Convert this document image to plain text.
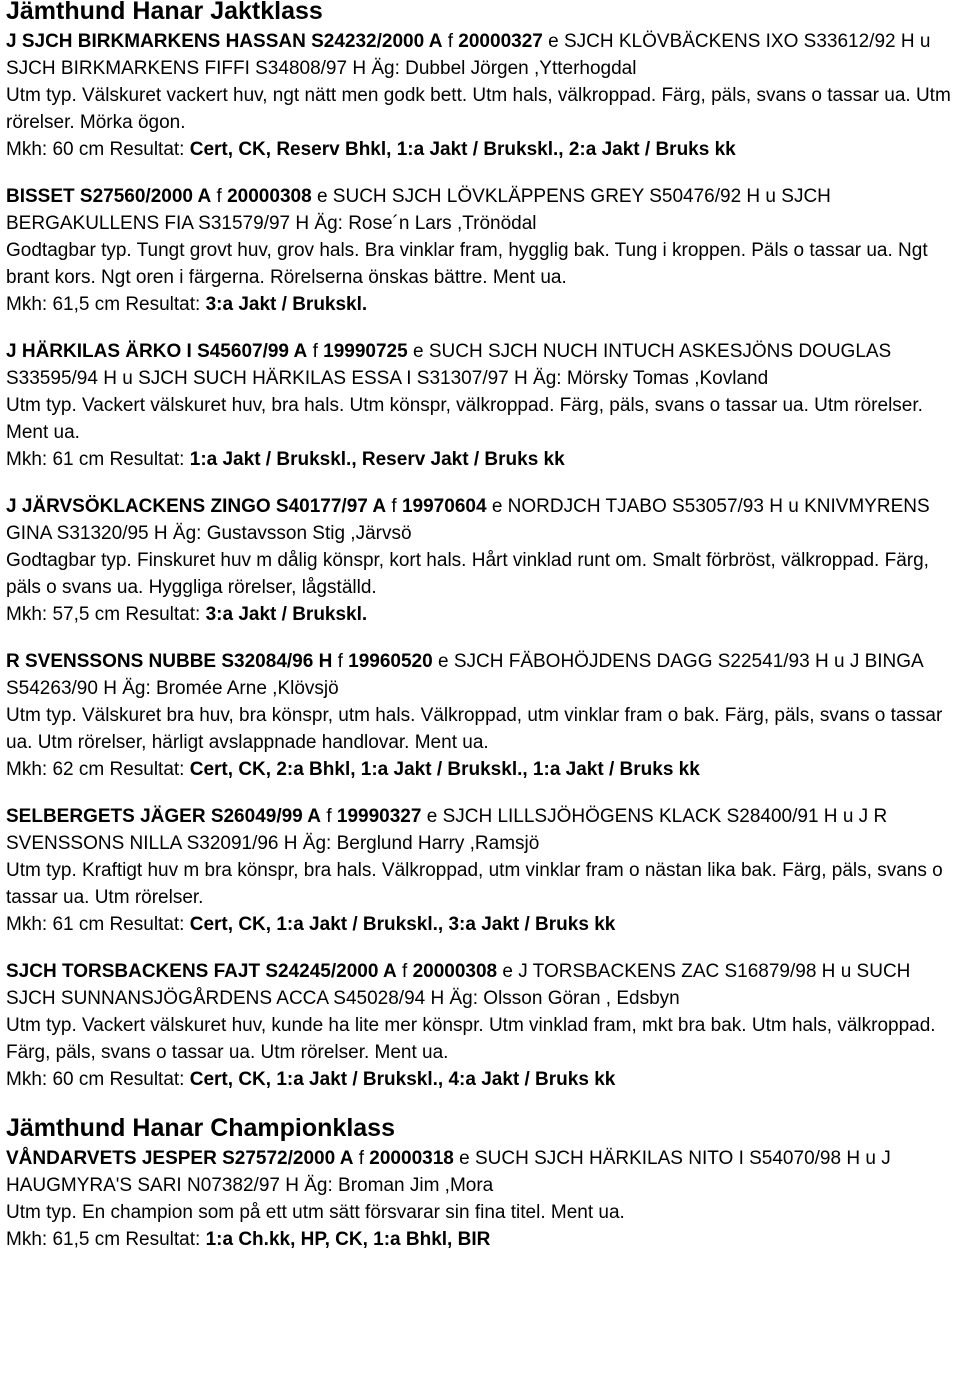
Jämthund Hanar Jaktklass

J SJCH BIRKMARKENS HASSAN S24232/2000 A f 20000327 e SJCH KLÖVBÄCKENS IXO S33612/92 H u SJCH BIRKMARKENS FIFFI S34808/97 H Äg: Dubbel Jörgen ,Ytterhogdal

Utm typ. Välskuret vackert huv, ngt nätt men godk bett. Utm hals, välkroppad. Färg, päls, svans o tassar ua. Utm rörelser. Mörka ögon.

Mkh: 60 cm Resultat: Cert, CK, Reserv Bhkl, 1:a Jakt / Brukskl., 2:a Jakt / Bruks kk

BISSET S27560/2000 A f 20000308 e SUCH SJCH LÖVKLÄPPENS GREY S50476/92 H u SJCH BERGAKULLENS FIA S31579/97 H Äg: Rose´n Lars ,Trönödal

Godtagbar typ. Tungt grovt huv, grov hals. Bra vinklar fram, hygglig bak. Tung i kroppen. Päls o tassar ua. Ngt brant kors. Ngt oren i färgerna. Rörelserna önskas bättre. Ment ua.

Mkh: 61,5 cm Resultat: 3:a Jakt / Brukskl.

J HÄRKILAS ÄRKO I S45607/99 A f 19990725 e SUCH SJCH NUCH INTUCH ASKESJÖNS DOUGLAS S33595/94 H u SJCH SUCH HÄRKILAS ESSA I S31307/97 H Äg: Mörsky Tomas ,Kovland

Utm typ. Vackert välskuret huv, bra hals. Utm könspr, välkroppad. Färg, päls, svans o tassar ua. Utm rörelser. Ment ua.

Mkh: 61 cm Resultat: 1:a Jakt / Brukskl., Reserv Jakt / Bruks kk

J JÄRVSÖKLACKENS ZINGO S40177/97 A f 19970604 e NORDJCH TJABO S53057/93 H u KNIVMYRENS GINA S31320/95 H Äg: Gustavsson Stig ,Järvsö

Godtagbar typ. Finskuret huv m dålig könspr, kort hals. Hårt vinklad runt om. Smalt förbröst, välkroppad. Färg, päls o svans ua. Hyggliga rörelser, lågställd.

Mkh: 57,5 cm Resultat: 3:a Jakt / Brukskl.

R SVENSSONS NUBBE S32084/96 H f 19960520 e SJCH FÄBOHÖJDENS DAGG S22541/93 H u J BINGA S54263/90 H Äg: Bromée Arne ,Klövsjö

Utm typ. Välskuret bra huv, bra könspr, utm hals. Välkroppad, utm vinklar fram o bak. Färg, päls, svans o tassar ua. Utm rörelser, härligt avslappnade handlovar. Ment ua.

Mkh: 62 cm Resultat: Cert, CK, 2:a Bhkl, 1:a Jakt / Brukskl., 1:a Jakt / Bruks kk

SELBERGETS JÄGER S26049/99 A f 19990327 e SJCH LILLSJÖHÖGENS KLACK S28400/91 H u J R SVENSSONS NILLA S32091/96 H Äg: Berglund Harry ,Ramsjö

Utm typ. Kraftigt huv m bra könspr, bra hals. Välkroppad, utm vinklar fram o nästan lika bak. Färg, päls, svans o tassar ua. Utm rörelser.

Mkh: 61 cm Resultat: Cert, CK, 1:a Jakt / Brukskl., 3:a Jakt / Bruks kk

SJCH TORSBACKENS FAJT S24245/2000 A f 20000308 e J TORSBACKENS ZAC S16879/98 H u SUCH SJCH SUNNANSJÖGÅRDENS ACCA S45028/94 H Äg: Olsson Göran , Edsbyn

Utm typ. Vackert välskuret huv, kunde ha lite mer könspr. Utm vinklad fram, mkt bra bak. Utm hals, välkroppad. Färg, päls, svans o tassar ua. Utm rörelser. Ment ua.

Mkh: 60 cm Resultat: Cert, CK, 1:a Jakt / Brukskl., 4:a Jakt / Bruks kk

Jämthund Hanar Championklass

VÅNDARVETS JESPER S27572/2000 A f 20000318 e SUCH SJCH HÄRKILAS NITO I S54070/98 H u J HAUGMYRA'S SARI N07382/97 H Äg: Broman Jim ,Mora

Utm typ. En champion som på ett utm sätt försvarar sin fina titel. Ment ua.

Mkh: 61,5 cm Resultat: 1:a Ch.kk, HP, CK, 1:a Bhkl, BIR
